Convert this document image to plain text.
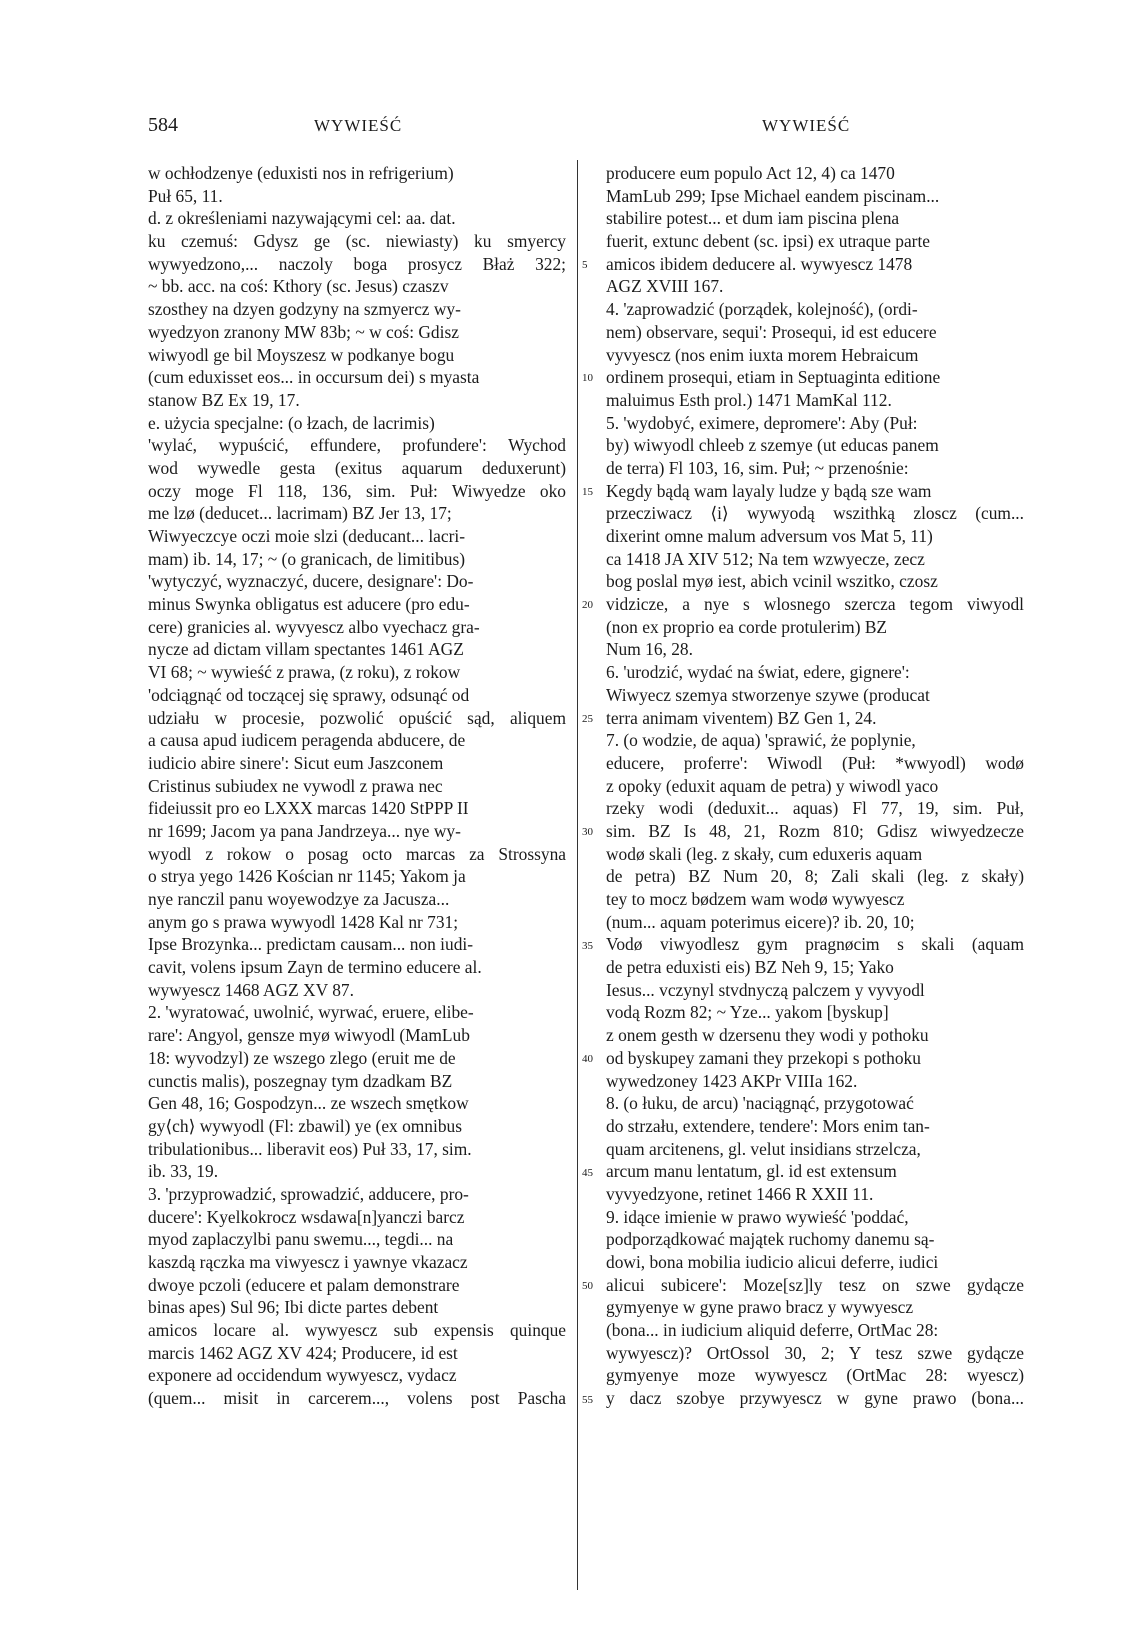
584	WYWIEŚĆ	WYWIEŚĆ
w ochłodzenye (eduxisti nos in refrigerium)
Puł 65, 11.
d. z określeniami nazywającymi cel: aa. dat.
ku czemuś: Gdysz ge (sc. niewiasty) ku smyercy
wywyedzono,... naczoly boga prosycz Błaż 322;
~ bb. acc. na coś: Kthory (sc. Jesus) czaszv
szosthey na dzyen godzyny na szmyercz wy-
wyedzyon zranony MW 83b; ~ w coś: Gdisz
wiwyodl ge bil Moyszesz w podkanye bogu
(cum eduxisset eos... in occursum dei) s myasta
stanow BZ Ex 19, 17.
e. użycia specjalne: (o łzach, de lacrimis)
'wylać, wypuścić, effundere, profundere': Wychod
wod wywedle gesta (exitus aquarum deduxerunt)
oczy moge Fl 118, 136, sim. Puł: Wiwyedze oko
me lzø (deducet... lacrimam) BZ Jer 13, 17;
Wiwyeczcye oczi moie slzi (deducant... lacri-
mam) ib. 14, 17; ~ (o granicach, de limitibus)
'wytyczyć, wyznaczyć, ducere, designare': Do-
minus Swynka obligatus est aducere (pro edu-
cere) granicies al. wyvyescz albo vyechacz gra-
nycze ad dictam villam spectantes 1461 AGZ
VI 68; ~ wywieść z prawa, (z roku), z rokow
'odciągnąć od toczącej się sprawy, odsunąć od
udziału w procesie, pozwolić opuścić sąd, aliquem
a causa apud iudicem peragenda abducere, de
iudicio abire sinere': Sicut eum Jaszconem
Cristinus subiudex ne vywodl z prawa nec
fideiussit pro eo LXXX marcas 1420 StPPP II
nr 1699; Jacom ya pana Jandrzeya... nye wy-
wyodl z rokow o posag octo marcas za Strossyna
o strya yego 1426 Kościan nr 1145; Yakom ja
nye ranczil panu woyewodzye za Jacusza...
anym go s prawa wywyodl 1428 Kal nr 731;
Ipse Brozynka... predictam causam... non iudi-
cavit, volens ipsum Zayn de termino educere al.
wywyescz 1468 AGZ XV 87.
2. 'wyratować, uwolnić, wyrwać, eruere, elibe-
rare': Angyol, gensze myø wiwyodl (MamLub
18: wyvodzyl) ze wszego zlego (eruit me de
cunctis malis), poszegnay tym dzadkam BZ
Gen 48, 16; Gospodzyn... ze wszech smętkow
gy⟨ch⟩ wywyodl (Fl: zbawil) ye (ex omnibus
tribulationibus... liberavit eos) Puł 33, 17, sim.
ib. 33, 19.
3. 'przyprowadzić, sprowadzić, adducere, pro-
ducere': Kyelkokrocz wsdawa[n]yanczi barcz
myod zaplaczylbi panu swemu..., tegdi... na
kaszdą rączka ma viwyescz i yawnye vkazacz
dwoye pczoli (educere et palam demonstrare
binas apes) Sul 96; Ibi dicte partes debent
amicos locare al. wywyescz sub expensis quinque
marcis 1462 AGZ XV 424; Producere, id est
exponere ad occidendum wywyescz, vydacz
(quem... misit in carcerem..., volens post Pascha
5
10
15
20
25
30
35
40
45
50
55
producere eum populo Act 12, 4) ca 1470
MamLub 299; Ipse Michael eandem piscinam...
stabilire potest... et dum iam piscina plena
fuerit, extunc debent (sc. ipsi) ex utraque parte
amicos ibidem deducere al. wywyescz 1478
AGZ XVIII 167.
4. 'zaprowadzić (porządek, kolejność), (ordi-
nem) observare, sequi': Prosequi, id est educere
vyvyescz (nos enim iuxta morem Hebraicum
ordinem prosequi, etiam in Septuaginta editione
maluimus Esth prol.) 1471 MamKal 112.
5. 'wydobyć, eximere, depromere': Aby (Puł:
by) wiwyodl chleeb z szemye (ut educas panem
de terra) Fl 103, 16, sim. Puł; ~ przenośnie:
Kegdy bądą wam layaly ludze y bądą sze wam
przecziwacz ⟨i⟩ wywyodą wszithką zloscz (cum...
dixerint omne malum adversum vos Mat 5, 11)
ca 1418 JA XIV 512; Na tem wzwyecze, zecz
bog poslal myø iest, abich vcinil wszitko, czosz
vidzicze, a nye s wlosnego szercza tegom viwyodl
(non ex proprio ea corde protulerim) BZ
Num 16, 28.
6. 'urodzić, wydać na świat, edere, gignere':
Wiwyecz szemya stworzenye szywe (producat
terra animam viventem) BZ Gen 1, 24.
7. (o wodzie, de aqua) 'sprawić, że poplynie,
educere, proferre': Wiwodl (Puł: *wwyodl) wodø
z opoky (eduxit aquam de petra) y wiwodl yaco
rzeky wodi (deduxit... aquas) Fl 77, 19, sim. Puł,
sim. BZ Is 48, 21, Rozm 810; Gdisz wiwyedzecze
wodø skali (leg. z skały, cum eduxeris aquam
de petra) BZ Num 20, 8; Zali skali (leg. z skały)
tey to mocz bødzem wam wodø wywyescz
(num... aquam poterimus eicere)? ib. 20, 10;
Vodø viwyodlesz gym pragnøcim s skali (aquam
de petra eduxisti eis) BZ Neh 9, 15; Yako
Iesus... vczynyl stvdnyczą palczem y vyvyodl
vodą Rozm 82; ~ Yze... yakom [byskup]
z onem gesth w dzersenu they wodi y pothoku
od byskupey zamani they przekopi s pothoku
wywedzoney 1423 AKPr VIIIa 162.
8. (o łuku, de arcu) 'naciągnąć, przygotować
do strzału, extendere, tendere': Mors enim tan-
quam arcitenens, gl. velut insidians strzelcza,
arcum manu lentatum, gl. id est extensum
vyvyedzyone, retinet 1466 R XXII 11.
9. idące imienie w prawo wywieść 'poddać,
podporządkować majątek ruchomy danemu są-
dowi, bona mobilia iudicio alicui deferre, iudici
alicui subicere': Moze[sz]ly tesz on szwe gydącze
gymyenye w gyne prawo bracz y wywyescz
(bona... in iudicium aliquid deferre, OrtMac 28:
wywyescz)? OrtOssol 30, 2; Y tesz szwe gydącze
gymyenye moze wywyescz (OrtMac 28: wyescz)
y dacz szobye przywyescz w gyne prawo (bona...
